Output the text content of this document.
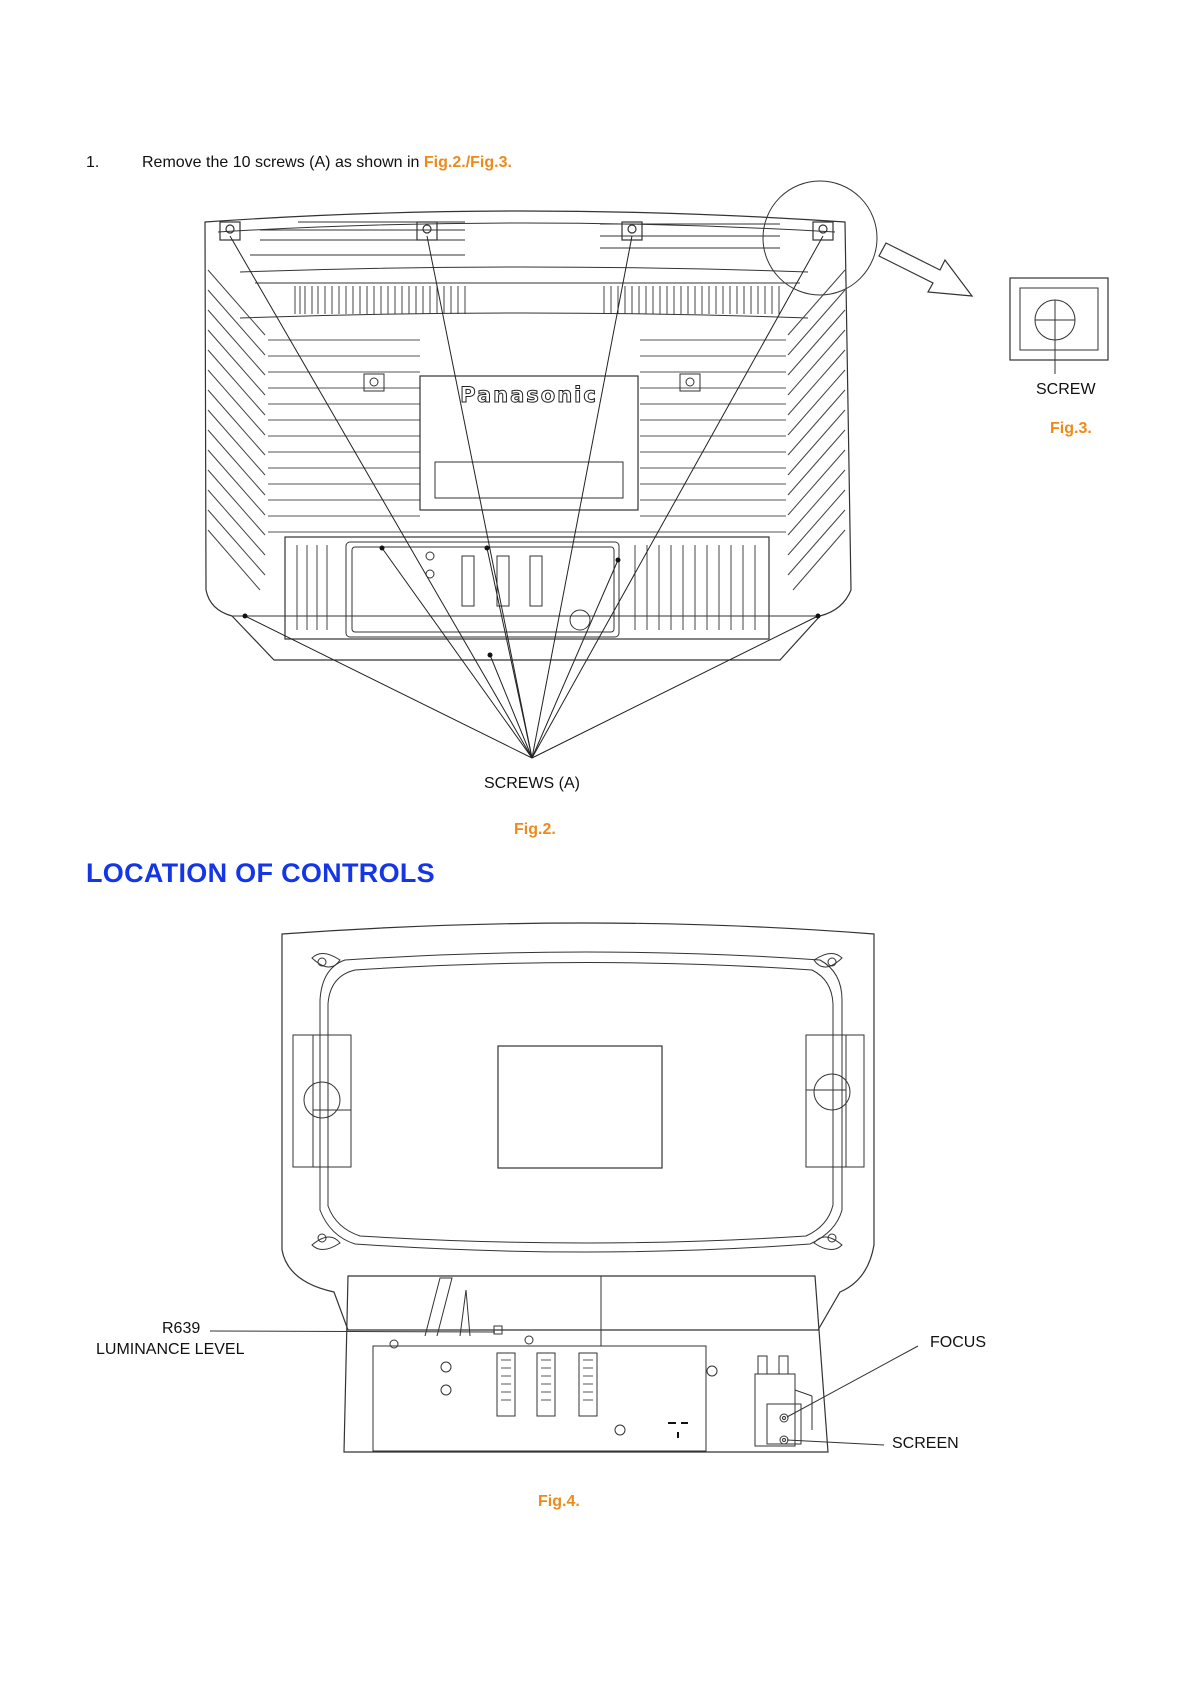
1.	Remove the 10 screws (A) as shown in Fig.2./Fig.3.
Panasonic
SCREWS (A)
Fig.2.
SCREW
Fig.3.
LOCATION OF CONTROLS
R639
LUMINANCE LEVEL	FOCUS
SCREEN
Fig.4.
